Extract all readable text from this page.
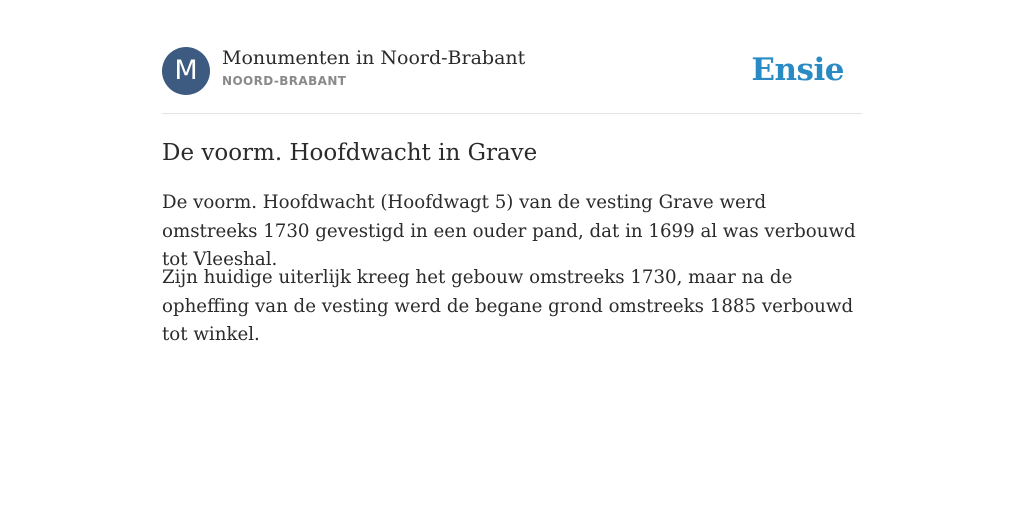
M	Monumenten in Noord-Brabant
NOORD-BRABANT	Ensie
De voorm. Hoofdwacht in Grave
De voorm. Hoofdwacht (Hoofdwagt 5) van de vesting Grave werd omstreeks 1730 gevestigd in een ouder pand, dat in 1699 al was verbouwd tot Vleeshal.
Zijn huidige uiterlijk kreeg het gebouw omstreeks 1730, maar na de opheffing van de vesting werd de begane grond omstreeks 1885 verbouwd tot winkel.
